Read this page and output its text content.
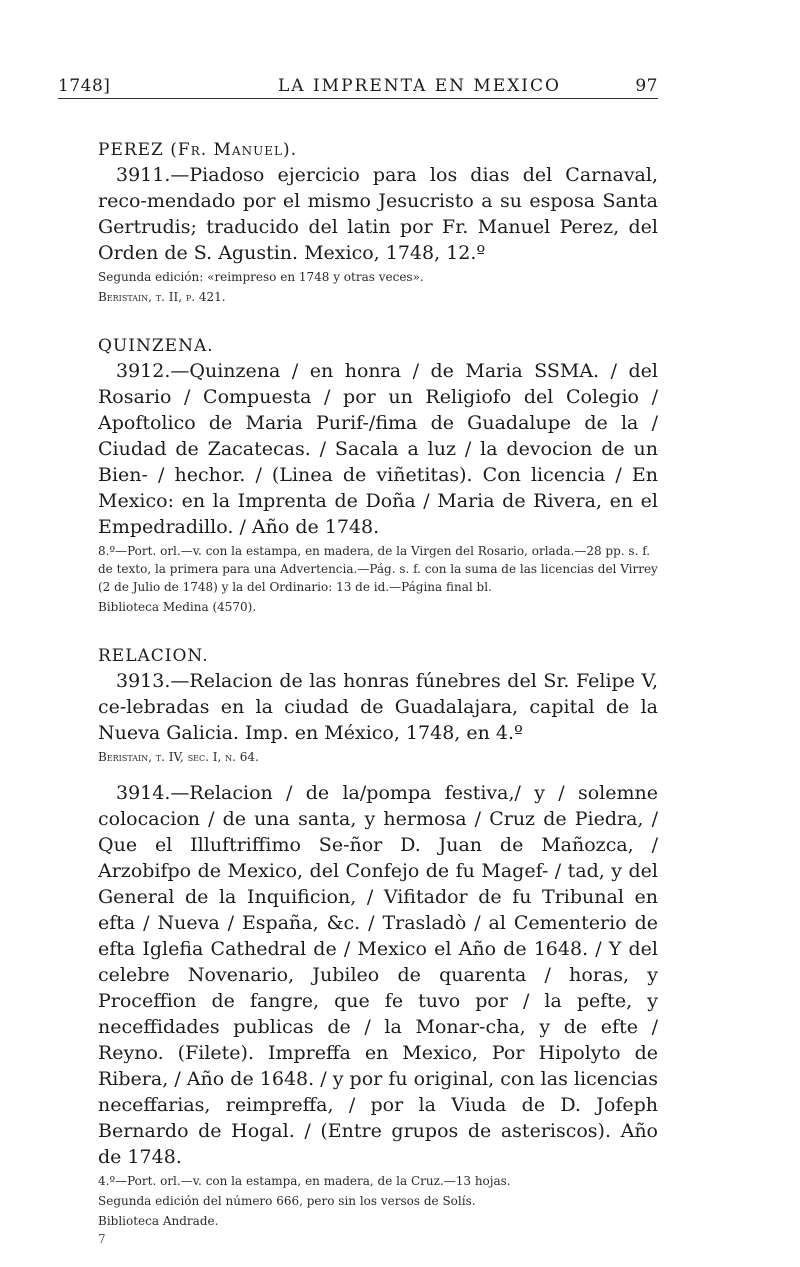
1748]	LA IMPRENTA EN MEXICO	97
PEREZ (Fr. Manuel).

3911.—Piadoso ejercicio para los dias del Carnaval, reco-mendado por el mismo Jesucristo a su esposa Santa Gertrudis; traducido del latin por Fr. Manuel Perez, del Orden de S. Agustin. Mexico, 1748, 12.º

Segunda edición: «reimpreso en 1748 y otras veces».

Beristain, t. II, p. 421.

QUINZENA.

3912.—Quinzena / en honra / de Maria SSMA. / del Rosario / Compuesta / por un Religiofo del Colegio / Apoftolico de Maria Purif-/fima de Guadalupe de la / Ciudad de Zacatecas. / Sacala a luz / la devocion de un Bien- / hechor. / (Linea de viñetitas). Con licencia / En Mexico: en la Imprenta de Doña / Maria de Rivera, en el Empedradillo. / Año de 1748.

8.º—Port. orl.—v. con la estampa, en madera, de la Virgen del Rosario, orlada.—28 pp. s. f. de texto, la primera para una Advertencia.—Pág. s. f. con la suma de las licencias del Virrey (2 de Julio de 1748) y la del Ordinario: 13 de id.—Página final bl.

Biblioteca Medina (4570).

RELACION.

3913.—Relacion de las honras fúnebres del Sr. Felipe V, ce-lebradas en la ciudad de Guadalajara, capital de la Nueva Galicia. Imp. en México, 1748, en 4.º

Beristain, t. IV, sec. I, n. 64.

3914.—Relacion / de la/pompa festiva,/ y / solemne colocacion / de una santa, y hermosa / Cruz de Piedra, / Que el Illuftriffimo Se-ñor D. Juan de Mañozca, / Arzobifpo de Mexico, del Confejo de fu Magef- / tad, y del General de la Inquificion, / Vifitador de fu Tribunal en efta / Nueva / España, &c. / Trasladò / al Cementerio de efta Iglefia Cathedral de / Mexico el Año de 1648. / Y del celebre Novenario, Jubileo de quarenta / horas, y Proceffion de fangre, que fe tuvo por / la pefte, y neceffidades publicas de / la Monar-cha, y de efte / Reyno. (Filete). Impreffa en Mexico, Por Hipolyto de Ribera, / Año de 1648. / y por fu original, con las licencias neceffarias, reimpreffa, / por la Viuda de D. Jofeph Bernardo de Hogal. / (Entre grupos de asteriscos). Año de 1748.

4.º—Port. orl.—v. con la estampa, en madera, de la Cruz.—13 hojas.

Segunda edición del número 666, pero sin los versos de Solís.

Biblioteca Andrade.

7
